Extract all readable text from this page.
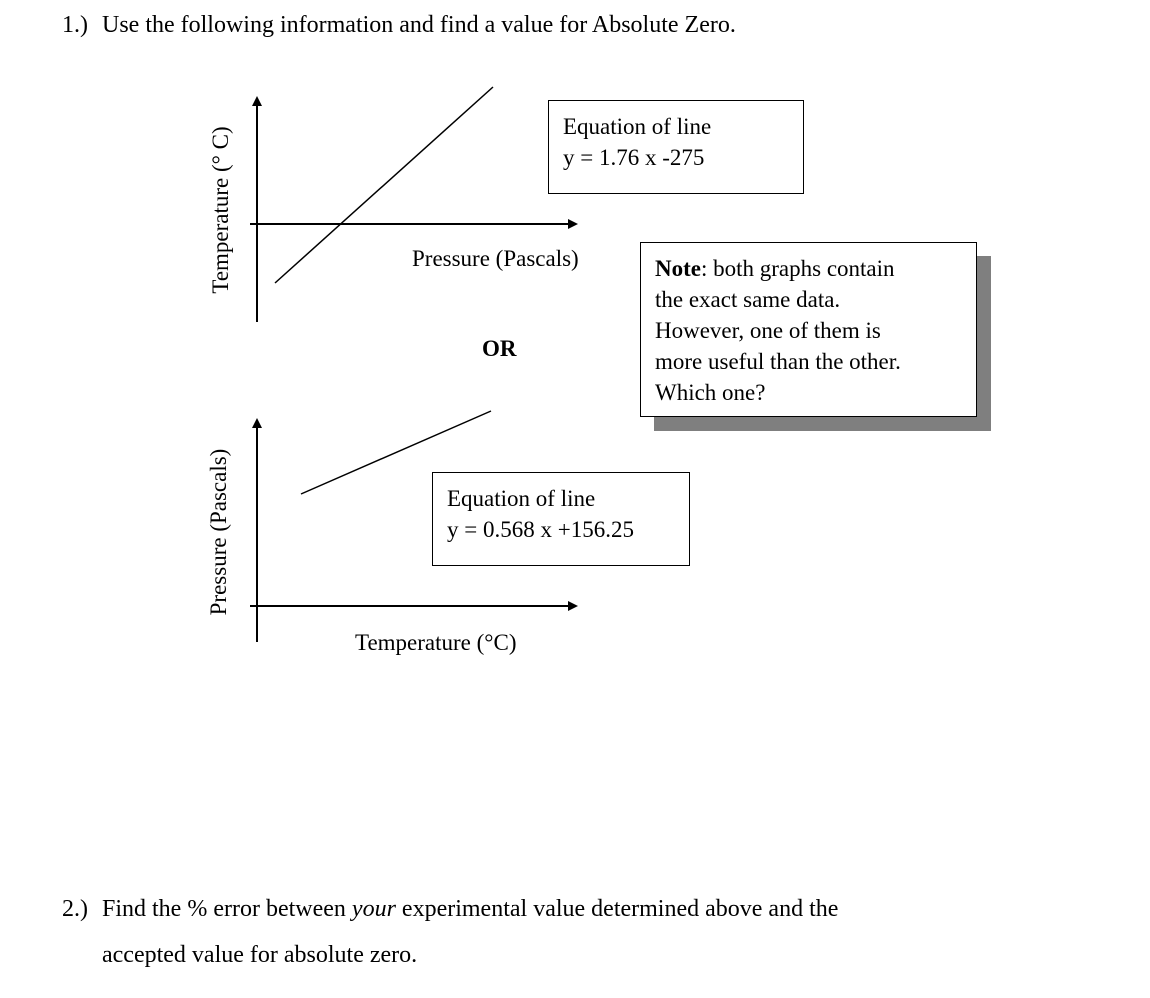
1.) Use the following information and find a value for Absolute Zero.
Temperature (° C)	Pressure (Pascals)
Equation of line
y = 1.76 x -275
OR
Note: both graphs contain
the exact same data.
However, one of them is
more useful than the other.
Which one?
Pressure (Pascals)
Temperature (°C)
Equation of line
y = 0.568 x +156.25
2.) Find the % error between your experimental value determined above and the
accepted value for absolute zero.
